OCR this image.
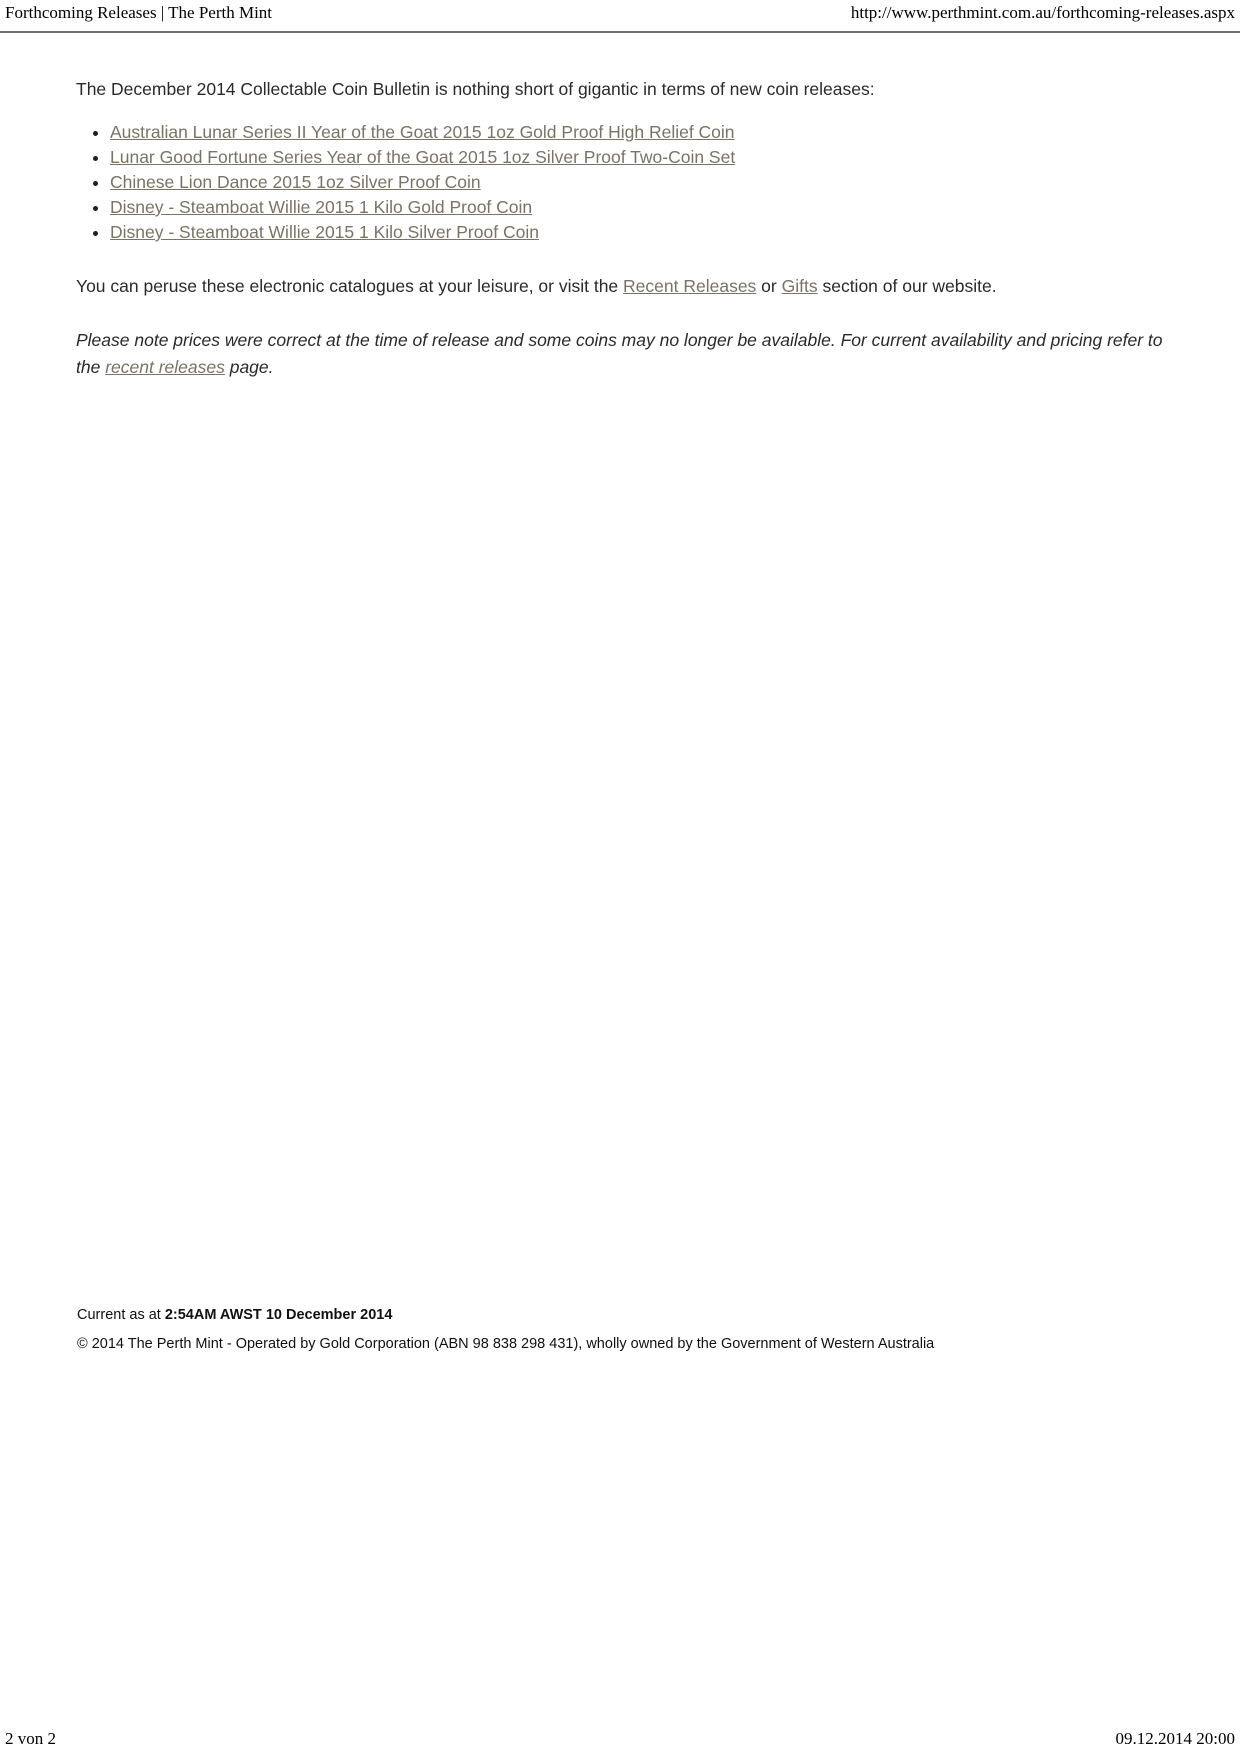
Forthcoming Releases | The Perth Mint	http://www.perthmint.com.au/forthcoming-releases.aspx

The December 2014 Collectable Coin Bulletin is nothing short of gigantic in terms of new coin releases:

• Australian Lunar Series II Year of the Goat 2015 1oz Gold Proof High Relief Coin
• Lunar Good Fortune Series Year of the Goat 2015 1oz Silver Proof Two-Coin Set
• Chinese Lion Dance 2015 1oz Silver Proof Coin
• Disney - Steamboat Willie 2015 1 Kilo Gold Proof Coin
• Disney - Steamboat Willie 2015 1 Kilo Silver Proof Coin

You can peruse these electronic catalogues at your leisure, or visit the Recent Releases or Gifts section of our website.

Please note prices were correct at the time of release and some coins may no longer be available. For current availability and pricing refer to the recent releases page.

Current as at 2:54AM AWST 10 December 2014
© 2014 The Perth Mint - Operated by Gold Corporation (ABN 98 838 298 431), wholly owned by the Government of Western Australia
2 von 2	09.12.2014 20:00
